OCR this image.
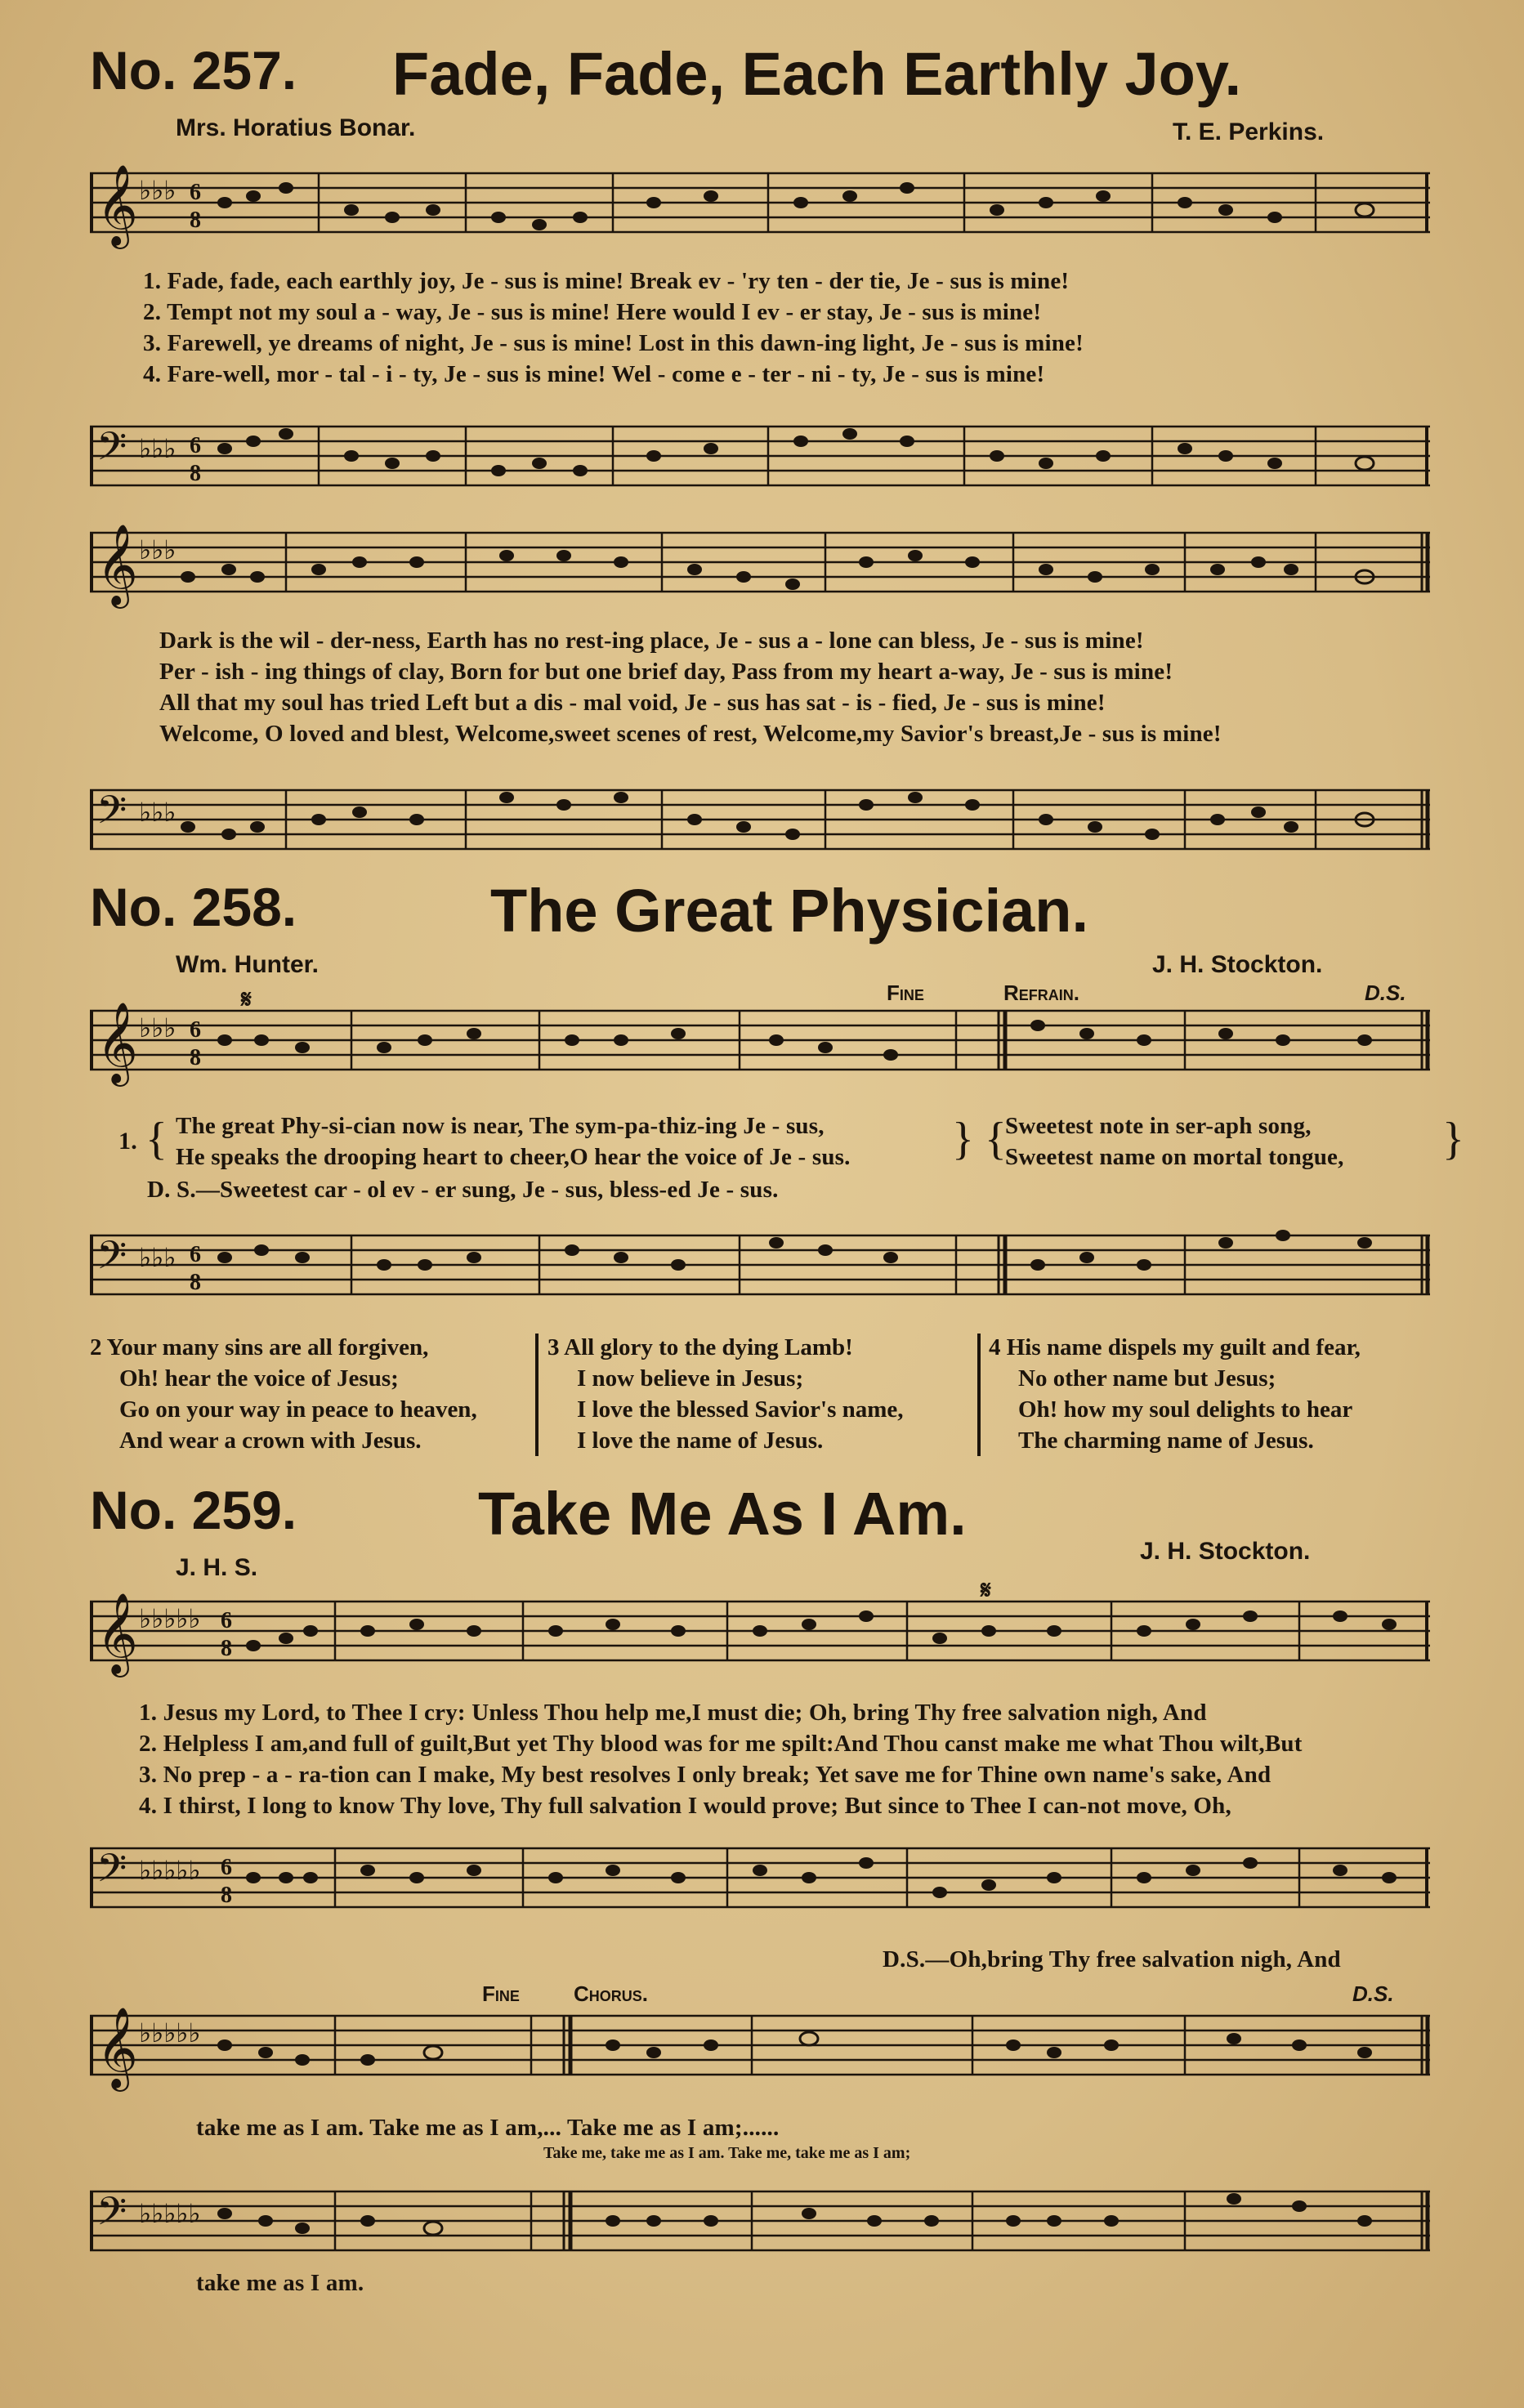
No. 257. Fade, Fade, Each Earthly Joy.
Mrs. Horatius Bonar.	T. E. Perkins.
𝄞 ♭♭♭ 6
8
1. Fade, fade, each earthly joy, Je - sus is mine! Break ev - 'ry ten - der tie, Je - sus is mine!
2. Tempt not my soul a - way, Je - sus is mine! Here would I ev - er stay, Je - sus is mine!
3. Farewell, ye dreams of night, Je - sus is mine! Lost in this dawn-ing light, Je - sus is mine!
4. Fare-well, mor - tal - i - ty, Je - sus is mine! Wel - come e - ter - ni - ty, Je - sus is mine!
𝄢 ♭♭♭ 6
8
𝄞 ♭♭♭
Dark is the wil - der-ness, Earth has no rest-ing place, Je - sus a - lone can bless, Je - sus is mine!
Per - ish - ing things of clay, Born for but one brief day, Pass from my heart a-way, Je - sus is mine!
All that my soul has tried Left but a dis - mal void, Je - sus has sat - is - fied, Je - sus is mine!
Welcome, O loved and blest, Welcome,sweet scenes of rest, Welcome,my Savior's breast,Je - sus is mine!
𝄢 ♭♭♭
No. 258.	The Great Physician.
Wm. Hunter.	J. H. Stockton.
Fine	Refrain.	D.S.
𝄞 ♭♭♭ 6
8
𝄋
1. { The great Phy-si-cian now is near, The sym-pa-thiz-ing Je - sus,
He speaks the drooping heart to cheer,O hear the voice of Je - sus. } {
Sweetest note in ser-aph song,
Sweetest name on mortal tongue, }
D. S.—Sweetest car - ol ev - er sung, Je - sus, bless-ed Je - sus.
𝄢 ♭♭♭ 6
8
2 Your many sins are all forgiven,
Oh! hear the voice of Jesus;
Go on your way in peace to heaven,
And wear a crown with Jesus.
3 All glory to the dying Lamb!
I now believe in Jesus;
I love the blessed Savior's name,
I love the name of Jesus.
4 His name dispels my guilt and fear,
No other name but Jesus;
Oh! how my soul delights to hear
The charming name of Jesus.
No. 259.	Take Me As I Am.
J. H. S.
J. H. Stockton.
𝄞 ♭♭♭♭♭ 6
8
𝄋
1. Jesus my Lord, to Thee I cry: Unless Thou help me,I must die; Oh, bring Thy free salvation nigh, And
2. Helpless I am,and full of guilt,But yet Thy blood was for me spilt:And Thou canst make me what Thou wilt,But
3. No prep - a - ra-tion can I make, My best resolves I only break; Yet save me for Thine own name's sake, And
4. I thirst, I long to know Thy love, Thy full salvation I would prove; But since to Thee I can-not move, Oh,
𝄢 ♭♭♭♭♭ 6
8
D.S.—Oh,bring Thy free salvation nigh, And
Fine	Chorus.	D.S.
𝄞 ♭♭♭♭♭
take me as I am. Take me as I am,... Take me as I am;......
Take me, take me as I am. Take me, take me as I am;
𝄢 ♭♭♭♭♭
take me as I am.
